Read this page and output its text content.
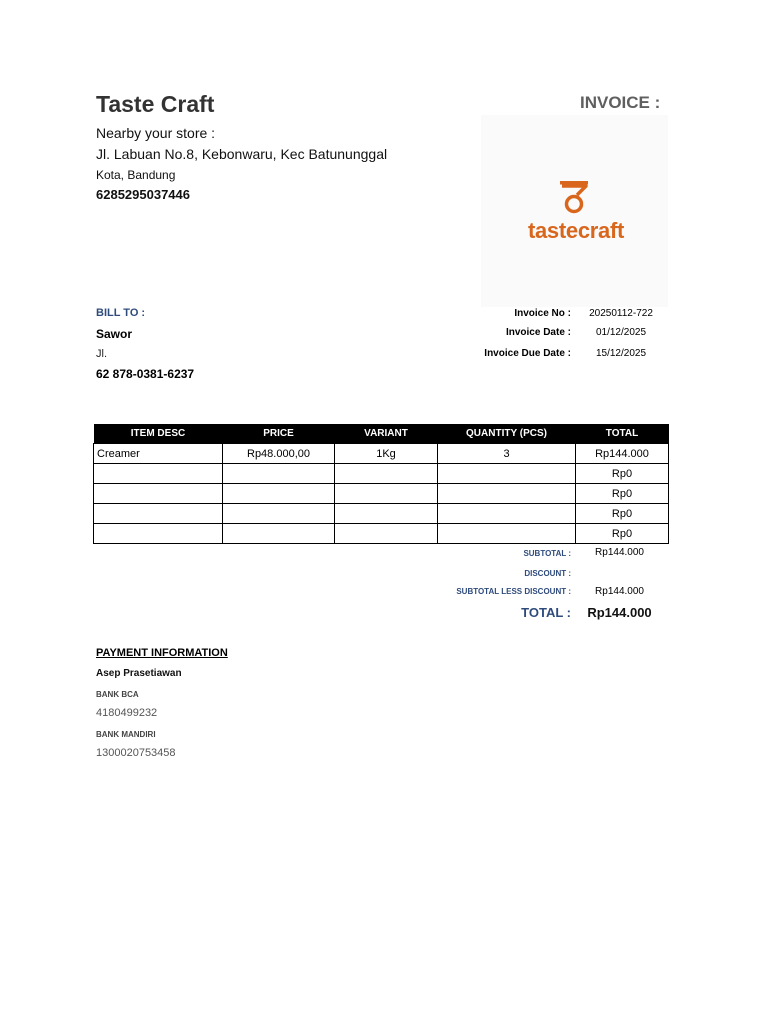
Taste Craft	INVOICE :
Nearby your store :
Jl. Labuan No.8, Kebonwaru, Kec Batununggal
Kota, Bandung
6285295037446
tastecraft
BILL TO :
Sawor
Jl.
62 878-0381-6237
Invoice No :	20250112-722
Invoice Date :	01/12/2025
Invoice Due Date :	15/12/2025
ITEM DESC	PRICE	VARIANT	QUANTITY (PCS)	TOTAL
Creamer	Rp48.000,00	1Kg	3	Rp144.000
				Rp0
				Rp0
				Rp0
				Rp0
SUBTOTAL :	Rp144.000
DISCOUNT :
SUBTOTAL LESS DISCOUNT :	Rp144.000
TOTAL :	Rp144.000
PAYMENT INFORMATION
Asep Prasetiawan
BANK BCA
4180499232
BANK MANDIRI
1300020753458
